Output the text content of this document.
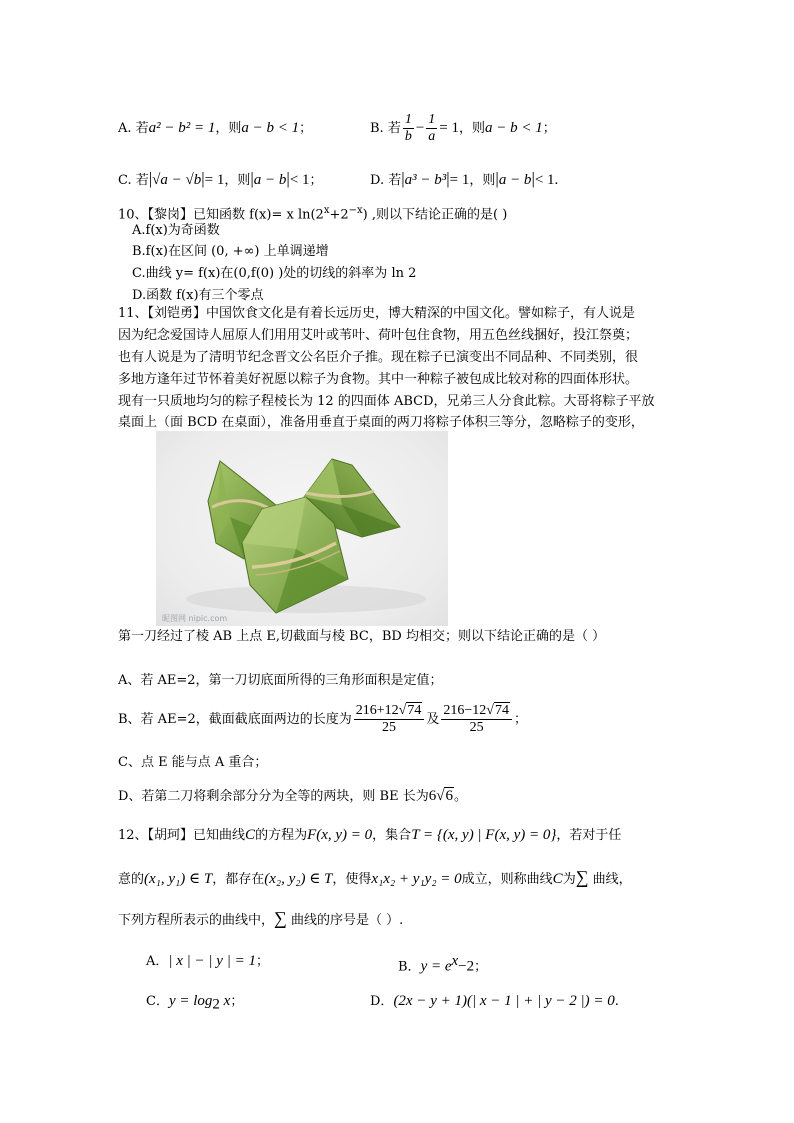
A. 若a² − b² = 1，则a − b < 1；	B. 若 $\frac{1}{b} - \frac{1}{a} = 1$，则a − b < 1；
C. 若|√a − √b|= 1，则|a − b|< 1；	D. 若|a³ − b³|= 1，则|a − b|< 1.
10、【黎岗】已知函数 f(x)= x $\ln(2^x+2^{-x})$ ,则以下结论正确的是( )
A.f(x)为奇函数
B.f(x)在区间 (0, +∞) 上单调递增
C.曲线 y= f(x)在(0,f(0) )处的切线的斜率为 ln 2
D.函数 f(x)有三个零点
11、【刘铠勇】中国饮食文化是有着长远历史，博大精深的中国文化。譬如粽子，有人说是
因为纪念爱国诗人屈原人们用用艾叶或苇叶、荷叶包住食物，用五色丝线捆好，投江祭奠；
也有人说是为了清明节纪念晋文公名臣介子推。现在粽子已演变出不同品种、不同类别，很
多地方逢年过节怀着美好祝愿以粽子为食物。其中一种粽子被包成比较对称的四面体形状。
现有一只质地均匀的粽子程棱长为 12 的四面体 ABCD，兄弟三人分食此粽。大哥将粽子平放
桌面上（面 BCD 在桌面），准备用垂直于桌面的两刀将粽子体积三等分，忽略粽子的变形，
昵图网 nipic.com
第一刀经过了棱 AB 上点 E,切截面与棱 BC，BD 均相交；则以下结论正确的是（ ）
A、若 AE=2，第一刀切底面所得的三角形面积是定值；
B、若 AE=2，截面截底面两边的长度为 $\frac{216+12√74}{25}$ 及 $\frac{216-12√74}{25}$ ；
C、点 E 能与点 A 重合；
D、若第二刀将剩余部分分为全等的两块，则 BE 长为6√6。
12、【胡珂】已知曲线C的方程为F(x, y) = 0，集合T = {(x, y) | F(x, y) = 0}，若对于任
意的(x₁, y₁) ∈ T，都存在(x₂, y₂) ∈ T，使得x₁x₂ + y₁y₂ = 0成立，则称曲线C为∑ 曲线，
下列方程所表示的曲线中，∑ 曲线的序号是（ ）.
A．| x | − | y | = 1；	B．$y = e^x-2$；
C．$y = \log_2 x$；	D．(2x − y + 1)(| x − 1 | + | y − 2 |) = 0.
